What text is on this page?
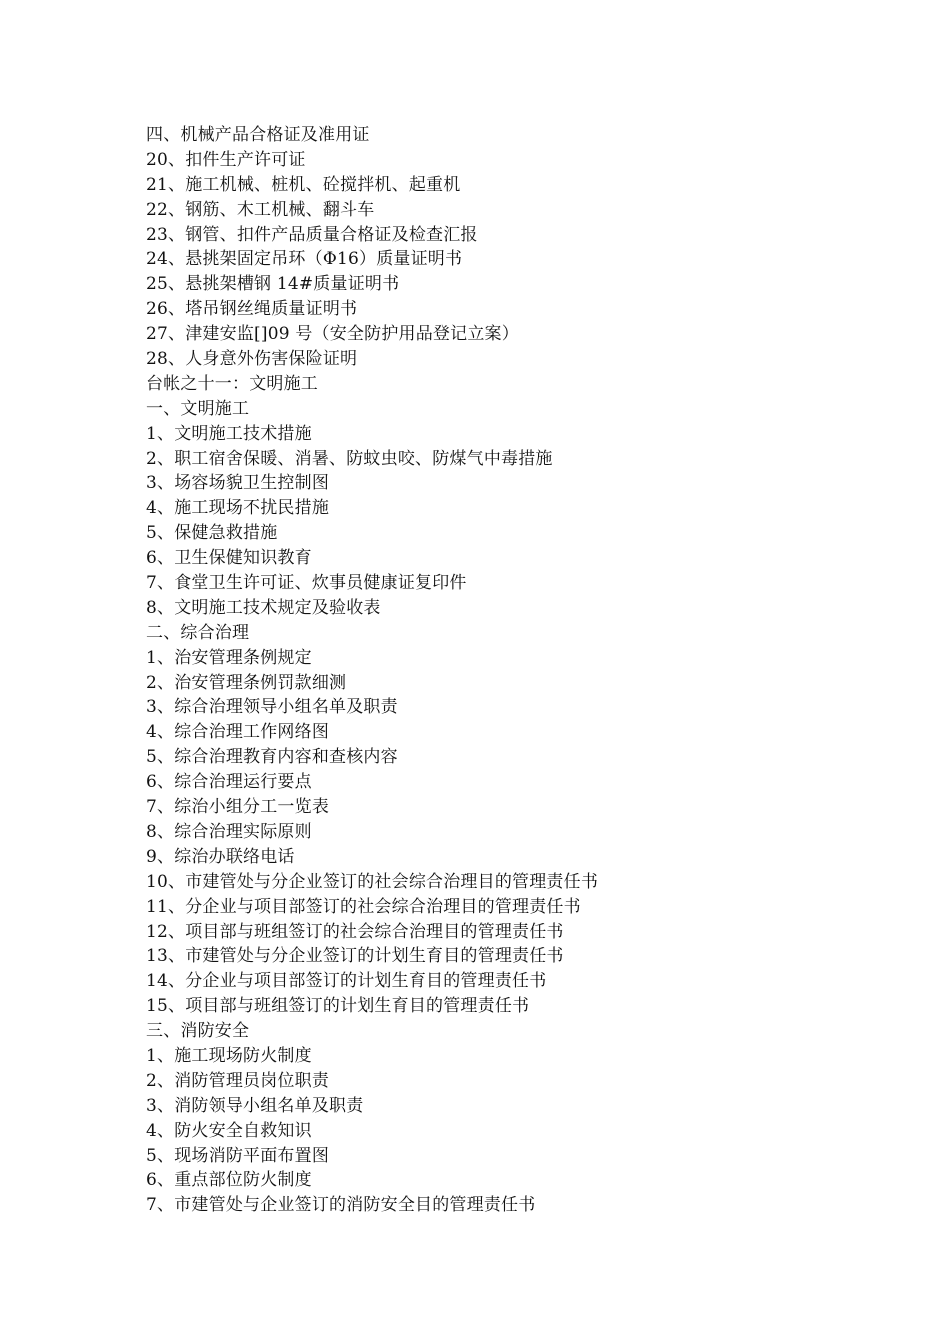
四、机械产品合格证及准用证
20、扣件生产许可证
21、施工机械、桩机、砼搅拌机、起重机
22、钢筋、木工机械、翻斗车
23、钢管、扣件产品质量合格证及检查汇报
24、悬挑架固定吊环（Φ16）质量证明书
25、悬挑架槽钢 14#质量证明书
26、塔吊钢丝绳质量证明书
27、津建安监[]09 号（安全防护用品登记立案）
28、人身意外伤害保险证明
台帐之十一：文明施工
一、文明施工
1、文明施工技术措施
2、职工宿舍保暖、消暑、防蚊虫咬、防煤气中毒措施
3、场容场貌卫生控制图
4、施工现场不扰民措施
5、保健急救措施
6、卫生保健知识教育
7、食堂卫生许可证、炊事员健康证复印件
8、文明施工技术规定及验收表
二、综合治理
1、治安管理条例规定
2、治安管理条例罚款细测
3、综合治理领导小组名单及职责
4、综合治理工作网络图
5、综合治理教育内容和查核内容
6、综合治理运行要点
7、综治小组分工一览表
8、综合治理实际原则
9、综治办联络电话
10、市建管处与分企业签订的社会综合治理目的管理责任书
11、分企业与项目部签订的社会综合治理目的管理责任书
12、项目部与班组签订的社会综合治理目的管理责任书
13、市建管处与分企业签订的计划生育目的管理责任书
14、分企业与项目部签订的计划生育目的管理责任书
15、项目部与班组签订的计划生育目的管理责任书
三、消防安全
1、施工现场防火制度
2、消防管理员岗位职责
3、消防领导小组名单及职责
4、防火安全自救知识
5、现场消防平面布置图
6、重点部位防火制度
7、市建管处与企业签订的消防安全目的管理责任书
